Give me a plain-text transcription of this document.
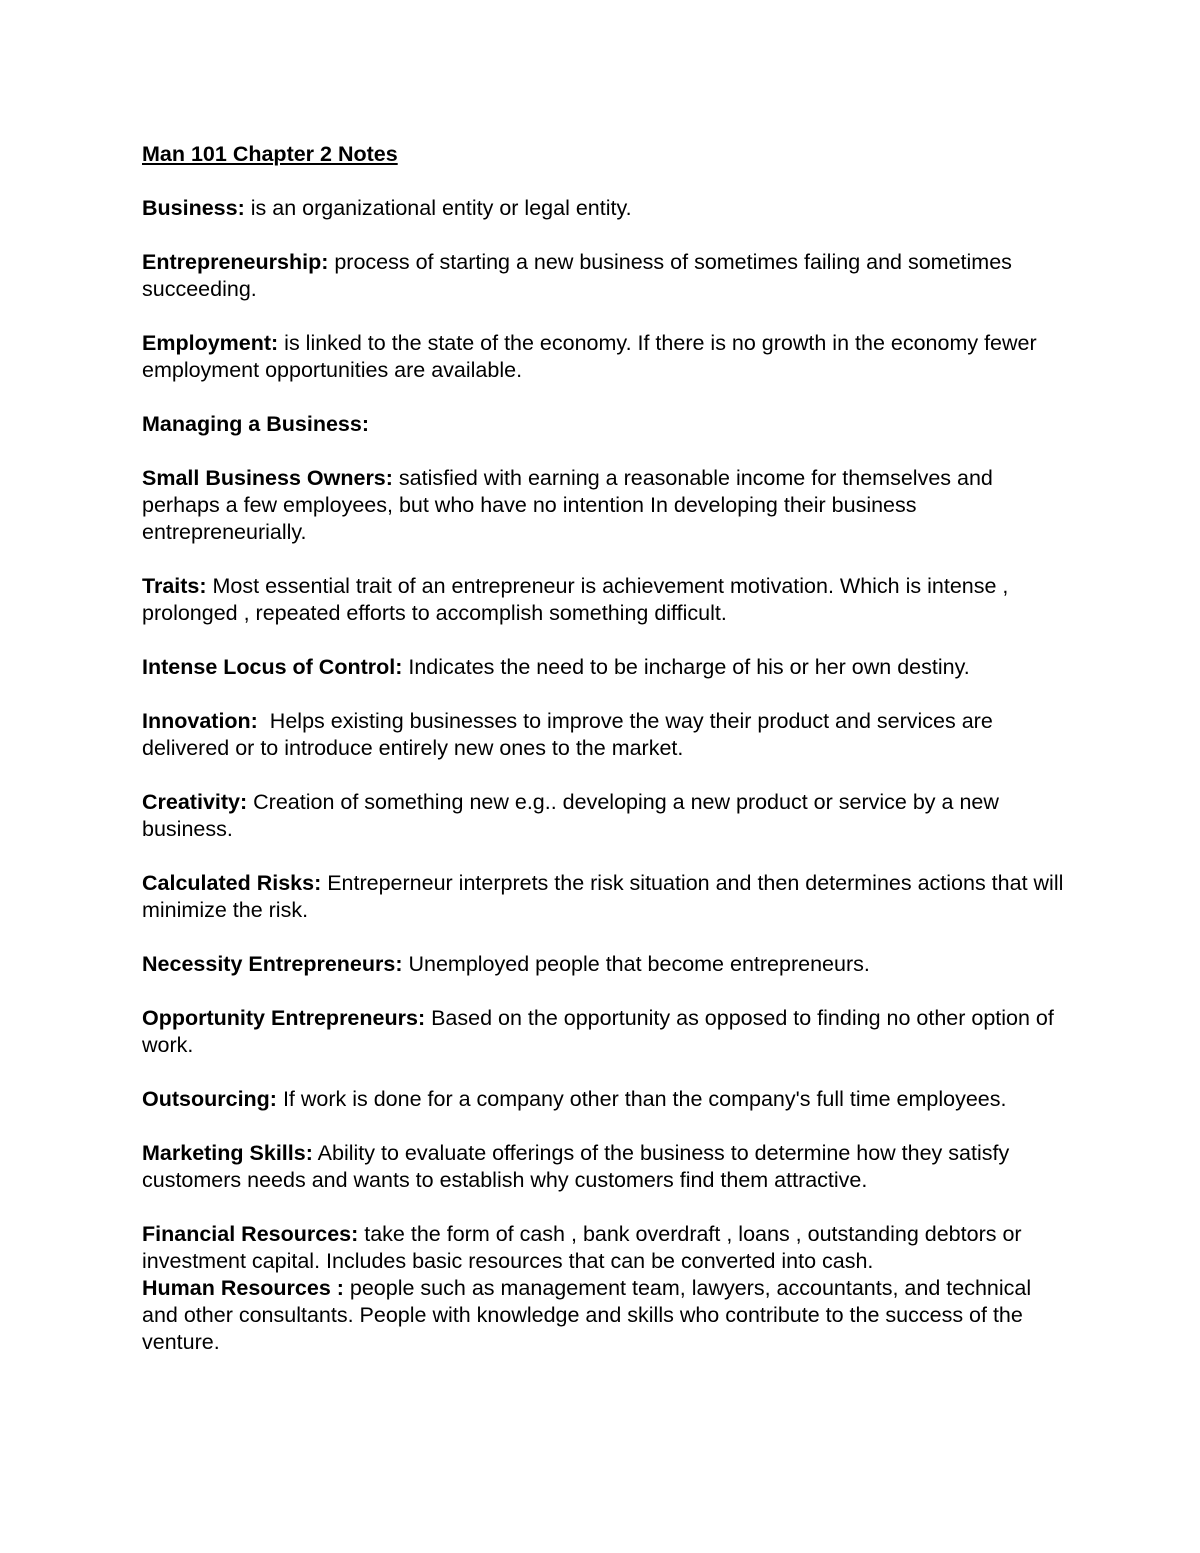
Man 101 Chapter 2 Notes
Business: is an organizational entity or legal entity.
Entrepreneurship: process of starting a new business of sometimes failing and sometimes succeeding.
Employment: is linked to the state of the economy. If there is no growth in the economy fewer employment opportunities are available.
Managing a Business:
Small Business Owners: satisfied with earning a reasonable income for themselves and perhaps a few employees, but who have no intention In developing their business entrepreneurially.
Traits: Most essential trait of an entrepreneur is achievement motivation. Which is intense , prolonged , repeated efforts to accomplish something difficult.
Intense Locus of Control: Indicates the need to be incharge of his or her own destiny.
Innovation:  Helps existing businesses to improve the way their product and services are delivered or to introduce entirely new ones to the market.
Creativity: Creation of something new e.g.. developing a new product or service by a new business.
Calculated Risks: Entreperneur interprets the risk situation and then determines actions that will minimize the risk.
Necessity Entrepreneurs: Unemployed people that become entrepreneurs.
Opportunity Entrepreneurs: Based on the opportunity as opposed to finding no other option of work.
Outsourcing: If work is done for a company other than the company's full time employees.
Marketing Skills: Ability to evaluate offerings of the business to determine how they satisfy customers needs and wants to establish why customers find them attractive.
Financial Resources: take the form of cash , bank overdraft , loans , outstanding debtors or investment capital. Includes basic resources that can be converted into cash.
Human Resources : people such as management team, lawyers, accountants, and technical and other consultants. People with knowledge and skills who contribute to the success of the venture.
